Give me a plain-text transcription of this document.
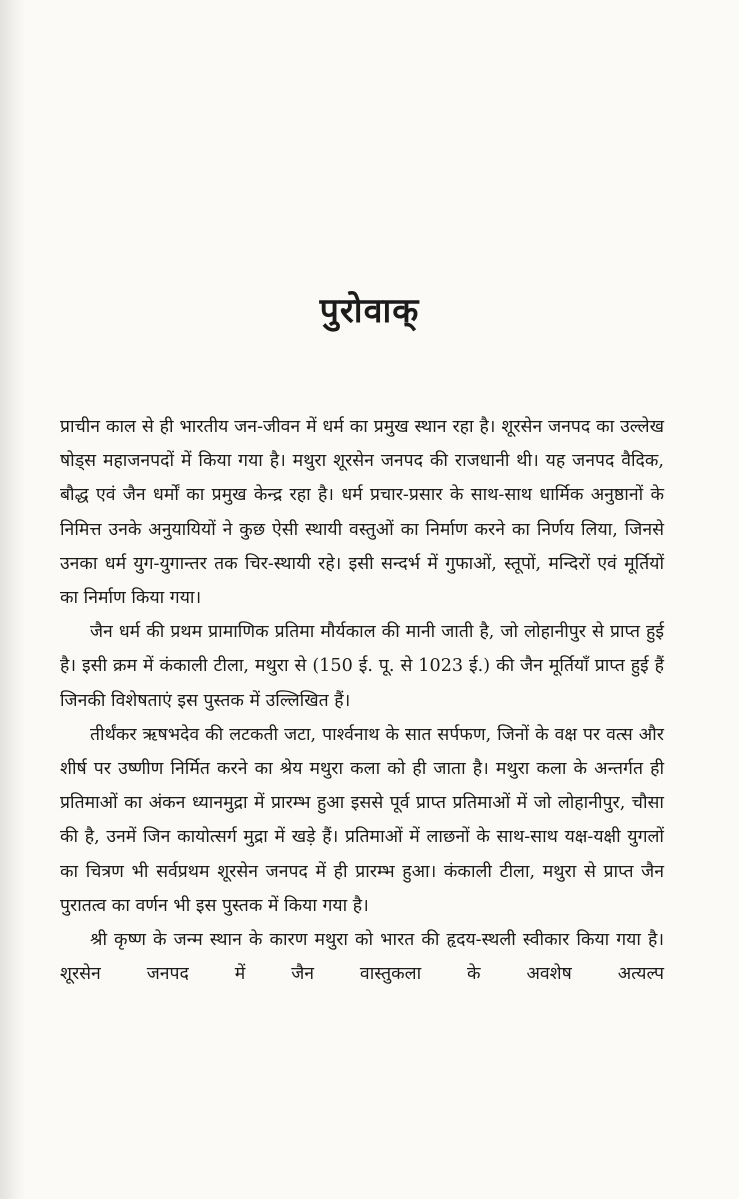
पुरोवाक्

प्राचीन काल से ही भारतीय जन-जीवन में धर्म का प्रमुख स्थान रहा है। शूरसेन जनपद का उल्लेख षोड्स महाजनपदों में किया गया है। मथुरा शूरसेन जनपद की राजधानी थी। यह जनपद वैदिक, बौद्ध एवं जैन धर्मों का प्रमुख केन्द्र रहा है। धर्म प्रचार-प्रसार के साथ-साथ धार्मिक अनुष्ठानों के निमित्त उनके अनुयायियों ने कुछ ऐसी स्थायी वस्तुओं का निर्माण करने का निर्णय लिया, जिनसे उनका धर्म युग-युगान्तर तक चिर-स्थायी रहे। इसी सन्दर्भ में गुफाओं, स्तूपों, मन्दिरों एवं मूर्तियों का निर्माण किया गया।

जैन धर्म की प्रथम प्रामाणिक प्रतिमा मौर्यकाल की मानी जाती है, जो लोहानीपुर से प्राप्त हुई है। इसी क्रम में कंकाली टीला, मथुरा से (150 ई. पू. से 1023 ई.) की जैन मूर्तियाँ प्राप्त हुई हैं जिनकी विशेषताएं इस पुस्तक में उल्लिखित हैं।

तीर्थंकर ऋषभदेव की लटकती जटा, पार्श्वनाथ के सात सर्पफण, जिनों के वक्ष पर वत्स और शीर्ष पर उष्णीण निर्मित करने का श्रेय मथुरा कला को ही जाता है। मथुरा कला के अन्तर्गत ही प्रतिमाओं का अंकन ध्यानमुद्रा में प्रारम्भ हुआ इससे पूर्व प्राप्त प्रतिमाओं में जो लोहानीपुर, चौसा की है, उनमें जिन कायोत्सर्ग मुद्रा में खड़े हैं। प्रतिमाओं में लाछनों के साथ-साथ यक्ष-यक्षी युगलों का चित्रण भी सर्वप्रथम शूरसेन जनपद में ही प्रारम्भ हुआ। कंकाली टीला, मथुरा से प्राप्त जैन पुरातत्व का वर्णन भी इस पुस्तक में किया गया है।

श्री कृष्ण के जन्म स्थान के कारण मथुरा को भारत की हृदय-स्थली स्वीकार किया गया है। शूरसेन जनपद में जैन वास्तुकला के अवशेष अत्यल्प
